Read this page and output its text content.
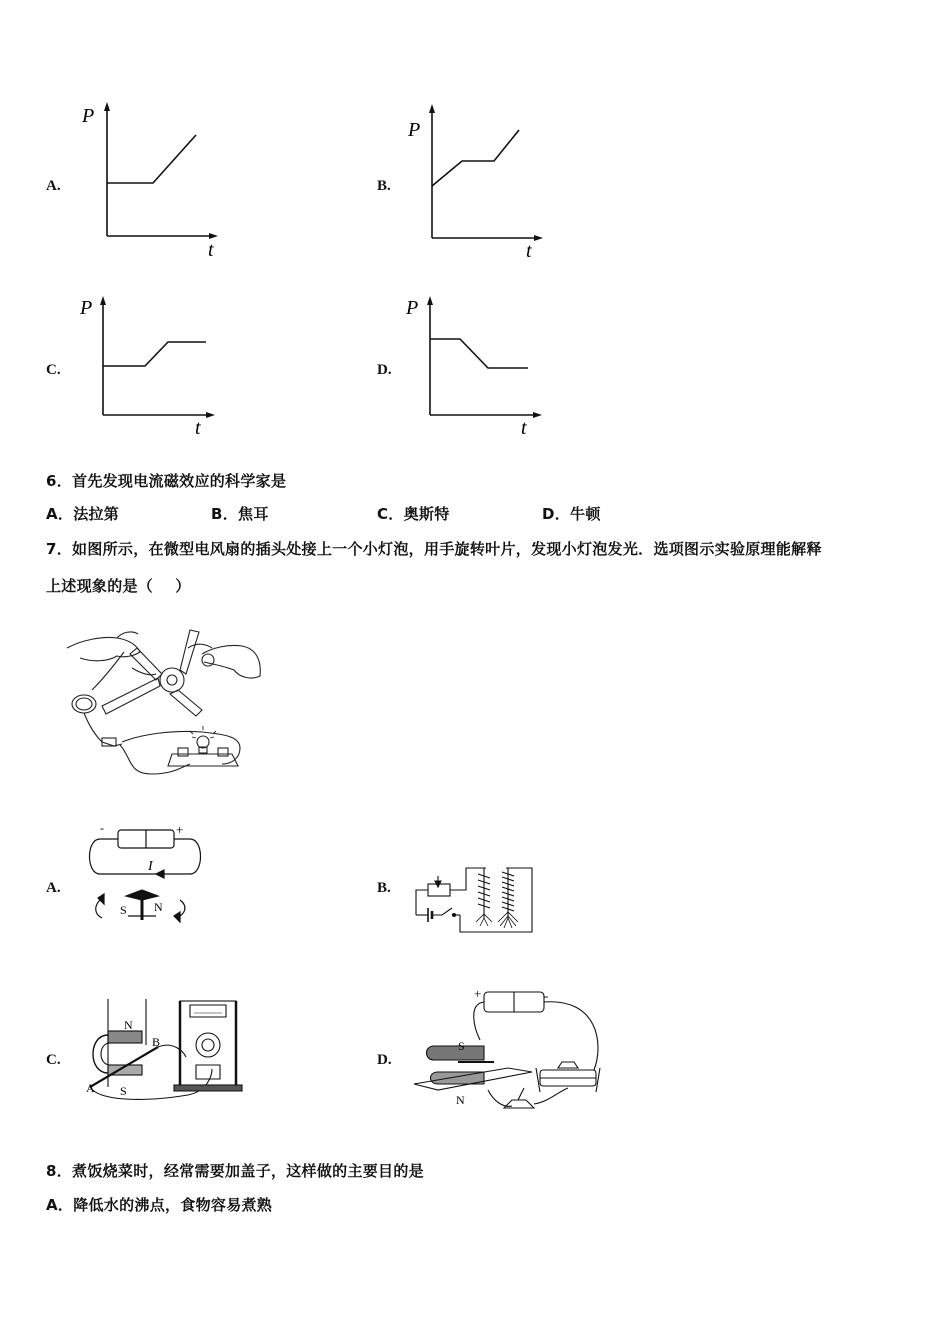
A.
P
t
B.
P
t
C.
P
t
D.
P
t
6．首先发现电流磁效应的科学家是
A．法拉第	B．焦耳	C．奥斯特	D．牛顿
7．如图所示，在微型电风扇的插头处接上一个小灯泡，用手旋转叶片，发现小灯泡发光．选项图示实验原理能解释
上述现象的是（    ）
A.
-	+
I
S N
B.
C.
N
S
A
B
D.
+	-
S
N
8．煮饭烧菜时，经常需要加盖子，这样做的主要目的是
A．降低水的沸点，食物容易煮熟
